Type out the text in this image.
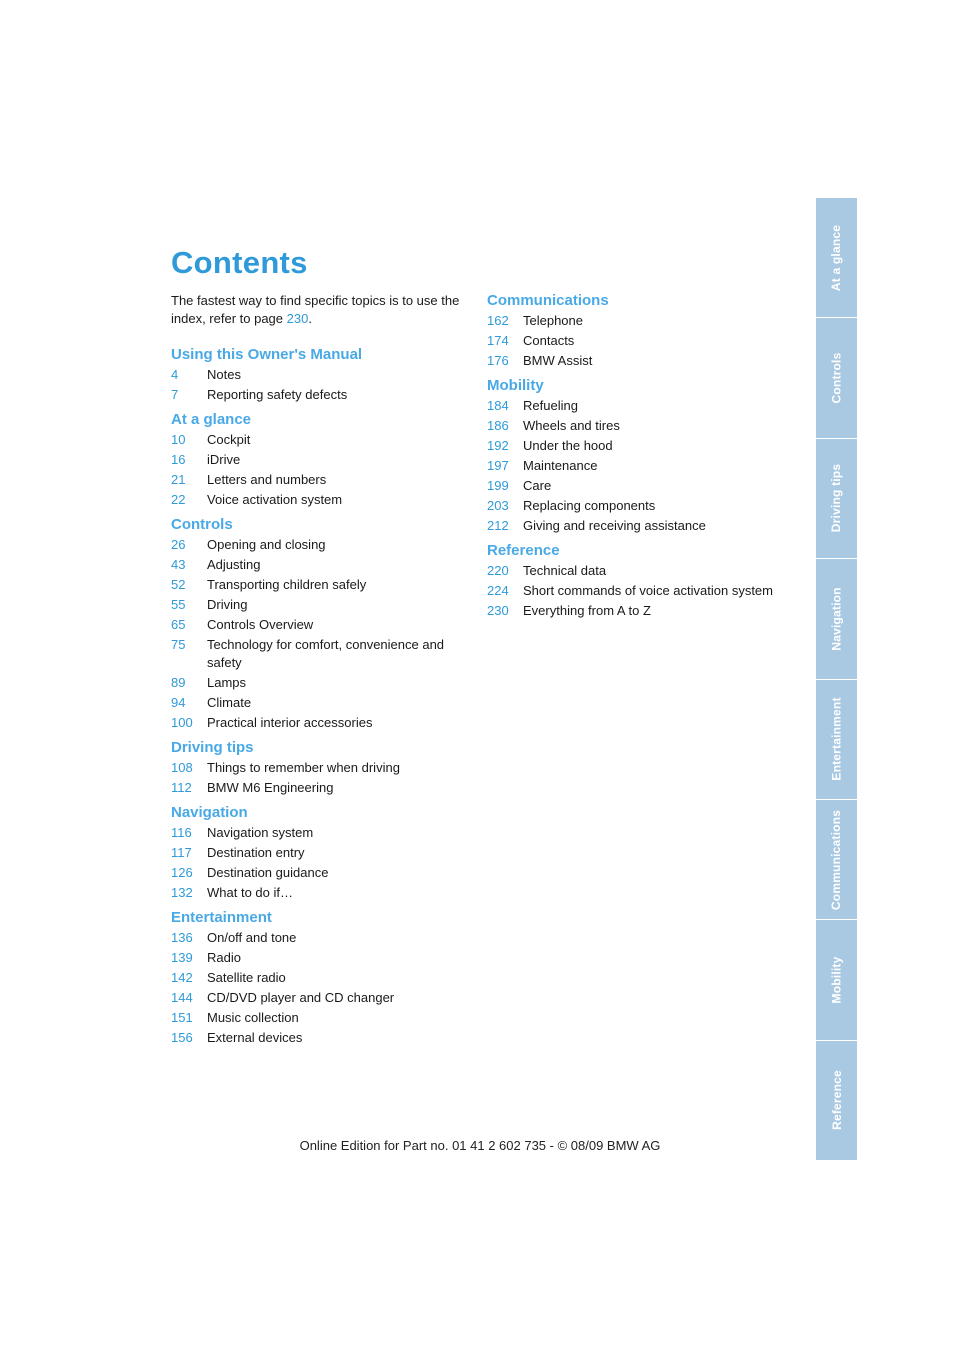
Contents

The fastest way to find specific topics is to use the index, refer to page 230.

Using this Owner's Manual
4	Notes
7	Reporting safety defects
At a glance
10	Cockpit
16	iDrive
21	Letters and numbers
22	Voice activation system
Controls
26	Opening and closing
43	Adjusting
52	Transporting children safely
55	Driving
65	Controls Overview
75	Technology for comfort, convenience and safety
89	Lamps
94	Climate
100	Practical interior accessories
Driving tips
108	Things to remember when driving
112	BMW M6 Engineering
Navigation
116	Navigation system
117	Destination entry
126	Destination guidance
132	What to do if…
Entertainment
136	On/off and tone
139	Radio
142	Satellite radio
144	CD/DVD player and CD changer
151	Music collection
156	External devices
Communications
162	Telephone
174	Contacts
176	BMW Assist
Mobility
184	Refueling
186	Wheels and tires
192	Under the hood
197	Maintenance
199	Care
203	Replacing components
212	Giving and receiving assistance
Reference
220	Technical data
224	Short commands of voice activation system
230	Everything from A to Z
At a glance
Controls
Driving tips
Navigation
Entertainment
Communications
Mobility
Reference
Online Edition for Part no. 01 41 2 602 735 - © 08/09 BMW AG
